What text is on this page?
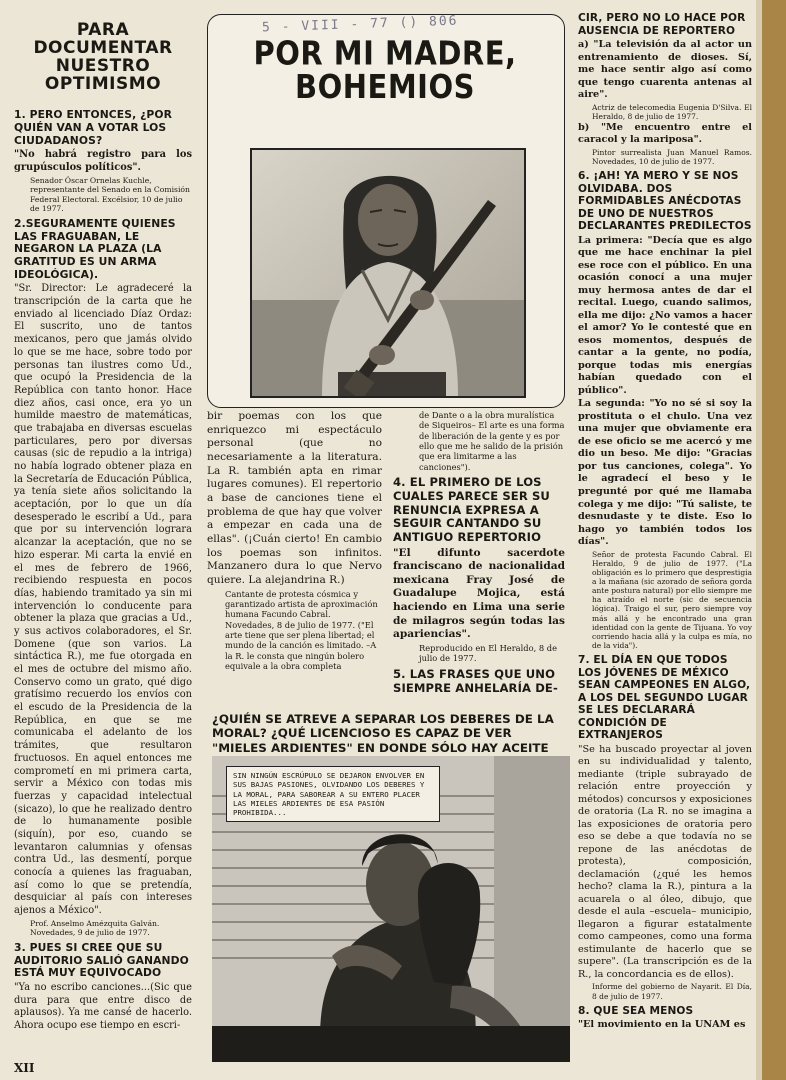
PARA DOCUMENTAR NUESTRO OPTIMISMO
1. PERO ENTONCES, ¿POR QUIÉN VAN A VOTAR LOS CIUDADANOS?

"No habrá registro para los grupúsculos políticos".

Senador Óscar Ornelas Kuchle, representante del Senado en la Comisión Federal Electoral. Excélsior, 10 de julio de 1977.

2.SEGURAMENTE QUIENES LAS FRAGUABAN, LE NEGARON LA PLAZA (LA GRATITUD ES UN ARMA IDEOLÓGICA).

"Sr. Director: Le agradeceré la transcripción de la carta que he enviado al licenciado Díaz Ordaz: El suscrito, uno de tantos mexicanos, pero que jamás olvido lo que se me hace, sobre todo por personas tan ilustres como Ud., que ocupó la Presidencia de la República con tanto honor. Hace diez años, casi once, era yo un humilde maestro de matemáticas, que trabajaba en diversas escuelas particulares, pero por diversas causas (sic de repudio a la intriga) no había logrado obtener plaza en la Secretaría de Educación Pública, ya tenía siete años solicitando la aceptación, por lo que un día desesperado le escribí a Ud., para que por su intervención lograra alcanzar la aceptación, que no se hizo esperar. Mi carta la envié en el mes de febrero de 1966, recibiendo respuesta en pocos días, habiendo tramitado ya sin mi intervención lo conducente para obtener la plaza que gracias a Ud., y sus activos colaboradores, el Sr. Domene (que son varios. La sintáctica R.), me fue otorgada en el mes de octubre del mismo año. Conservo como un grato, qué digo gratísimo recuerdo los envíos con el escudo de la Presidencia de la República, en que se me comunicaba el adelanto de los trámites, que resultaron fructuosos. En aquel entonces me comprometí en mi primera carta, servir a México con todas mis fuerzas y capacidad intelectual (sicazo), lo que he realizado dentro de lo humanamente posible (siquín), por eso, cuando se levantaron calumnias y ofensas contra Ud., las desmentí, porque conocía a quienes las fraguaban, así como lo que se pretendía, desquiciar al país con intereses ajenos a México".

Prof. Anselmo Amézquita Galván. Novedades, 9 de julio de 1977.

3. PUES SI CREE QUE SU AUDITORIO SALIÓ GANANDO ESTÁ MUY EQUIVOCADO

"Ya no escribo canciones...(Sic que dura para que entre disco de aplausos). Ya me cansé de hacerlo. Ahora ocupo ese tiempo en escri-

5 - VIII - 77 () 806
POR MI MADRE, BOHEMIOS

bir poemas con los que enriquezco mi espectáculo personal (que no necesariamente a la literatura. La R. también apta en rimar lugares comunes). El repertorio a base de canciones tiene el problema de que hay que volver a empezar en cada una de ellas". (¡Cuán cierto! En cambio los poemas son infinitos. Manzanero dura lo que Nervo quiere. La alejandrina R.)

Cantante de protesta cósmica y garantizado artista de aproximación humana Facundo Cabral. Novedades, 8 de julio de 1977. ("El arte tiene que ser plena libertad; el mundo de la canción es limitado. –A la R. le consta que ningún bolero equivale a la obra completa

de Dante o a la obra muralística de Siqueiros– El arte es una forma de liberación de la gente y es por ello que me he salido de la prisión que era limitarme a las canciones").

4. EL PRIMERO DE LOS CUALES PARECE SER SU RENUNCIA EXPRESA A SEGUIR CANTANDO SU ANTIGUO REPERTORIO

"El difunto sacerdote franciscano de nacionalidad mexicana Fray José de Guadalupe Mojica, está haciendo en Lima una serie de milagros según todas las apariencias".

Reproducido en El Heraldo, 8 de julio de 1977.

5. LAS FRASES QUE UNO SIEMPRE ANHELARÍA DE-
¿QUIÉN SE ATREVE A SEPARAR LOS DEBERES DE LA MORAL? ¿QUÉ LICENCIOSO ES CAPAZ DE VER "MIELES ARDIENTES" EN DONDE SÓLO HAY ACEITE
SIN NINGÚN ESCRÚPULO SE DEJARON ENVOLVER EN SUS BAJAS PASIONES, OLVIDANDO LOS DEBERES Y LA MORAL, PARA SABOREAR A SU ENTERO PLACER LAS MIELES ARDIENTES DE ESA PASIÓN PROHIBIDA...
CIR, PERO NO LO HACE POR AUSENCIA DE REPORTERO

a) "La televisión da al actor un entrenamiento de dioses. Sí, me hace sentir algo así como que tengo cuarenta antenas al aire".

Actriz de telecomedia Eugenia D'Silva. El Heraldo, 8 de julio de 1977.

b) "Me encuentro entre el caracol y la mariposa".

Pintor surrealista Juan Manuel Ramos. Novedades, 10 de julio de 1977.

6. ¡AH! YA MERO Y SE NOS OLVIDABA. DOS FORMIDABLES ANÉCDOTAS DE UNO DE NUESTROS DECLARANTES PREDILECTOS

La primera: "Decía que es algo que me hace enchinar la piel ese roce con el público. En una ocasión conocí a una mujer muy hermosa antes de dar el recital. Luego, cuando salimos, ella me dijo: ¿No vamos a hacer el amor? Yo le contesté que en esos momentos, después de cantar a la gente, no podía, porque todas mis energías habían quedado con el público".

La segunda: "Yo no sé si soy la prostituta o el chulo. Una vez una mujer que obviamente era de ese oficio se me acercó y me dio un beso. Me dijo: "Gracias por tus canciones, colega". Yo le agradecí el beso y le pregunté por qué me llamaba colega y me dijo: "Tú saliste, te desnudaste y te diste. Eso lo hago yo también todos los días".

Señor de protesta Facundo Cabral. El Heraldo, 9 de julio de 1977. ("La obligación es lo primero que desprestigia a la mañana (sic azorado de señora gorda ante postura natural) por ello siempre me ha atraído el norte (sic de secuencia lógica). Traigo el sur, pero siempre voy más allá y he encontrado una gran identidad con la gente de Tijuana. Yo voy corriendo hacia allá y la culpa es mía, no de la vida").

7. EL DÍA EN QUE TODOS LOS JÓVENES DE MÉXICO SEAN CAMPEONES EN ALGO, A LOS DEL SEGUNDO LUGAR SE LES DECLARARÁ CONDICIÓN DE EXTRANJEROS

"Se ha buscado proyectar al joven en su individualidad y talento, mediante (triple subrayado de relación entre proyección y métodos) concursos y exposiciones de oratoria (La R. no se imagina a las exposiciones de oratoria pero eso se debe a que todavía no se repone de las anécdotas de protesta), composición, declamación (¿qué les hemos hecho? clama la R.), pintura a la acuarela o al óleo, dibujo, que desde el aula –escuela– municipio, llegaron a figurar estatalmente como campeones, como una forma estimulante de hacerlo que se supere". (La transcripción es de la R., la concordancia es de ellos).

Informe del gobierno de Nayarit. El Día, 8 de julio de 1977.

8. QUE SEA MENOS

"El movimiento en la UNAM es

XII
